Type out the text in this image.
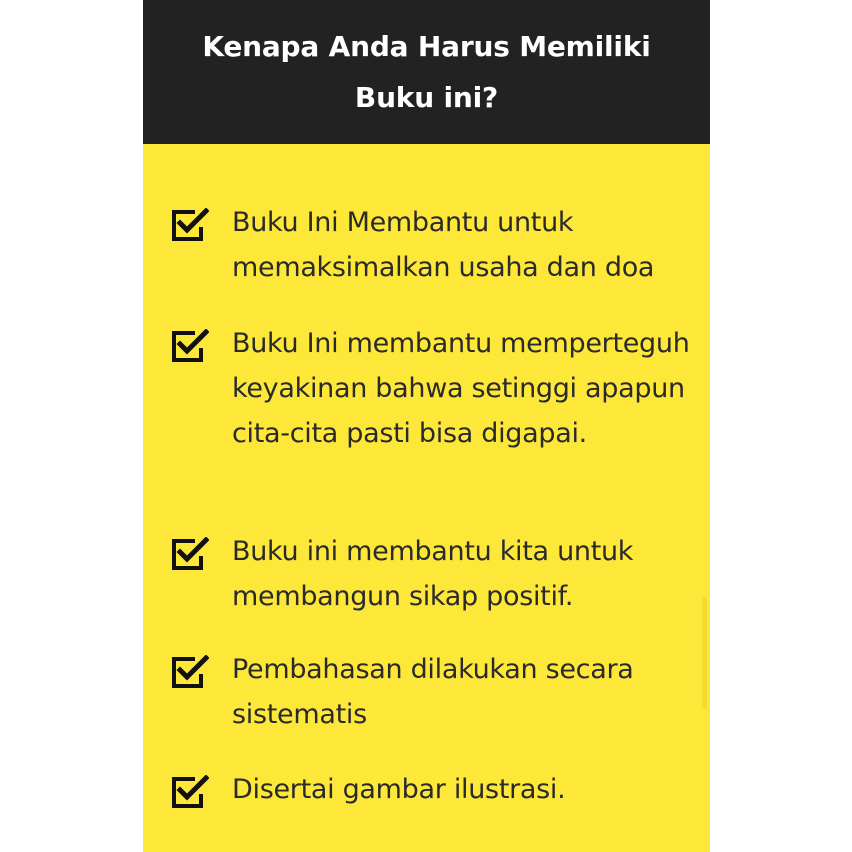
Kenapa Anda Harus Memiliki Buku ini?

Buku Ini Membantu untuk memaksimalkan usaha dan doa

Buku Ini membantu memperteguh keyakinan bahwa setinggi apapun cita-cita pasti bisa digapai.

Buku ini membantu kita untuk membangun sikap positif.

Pembahasan dilakukan secara sistematis

Disertai gambar ilustrasi.
